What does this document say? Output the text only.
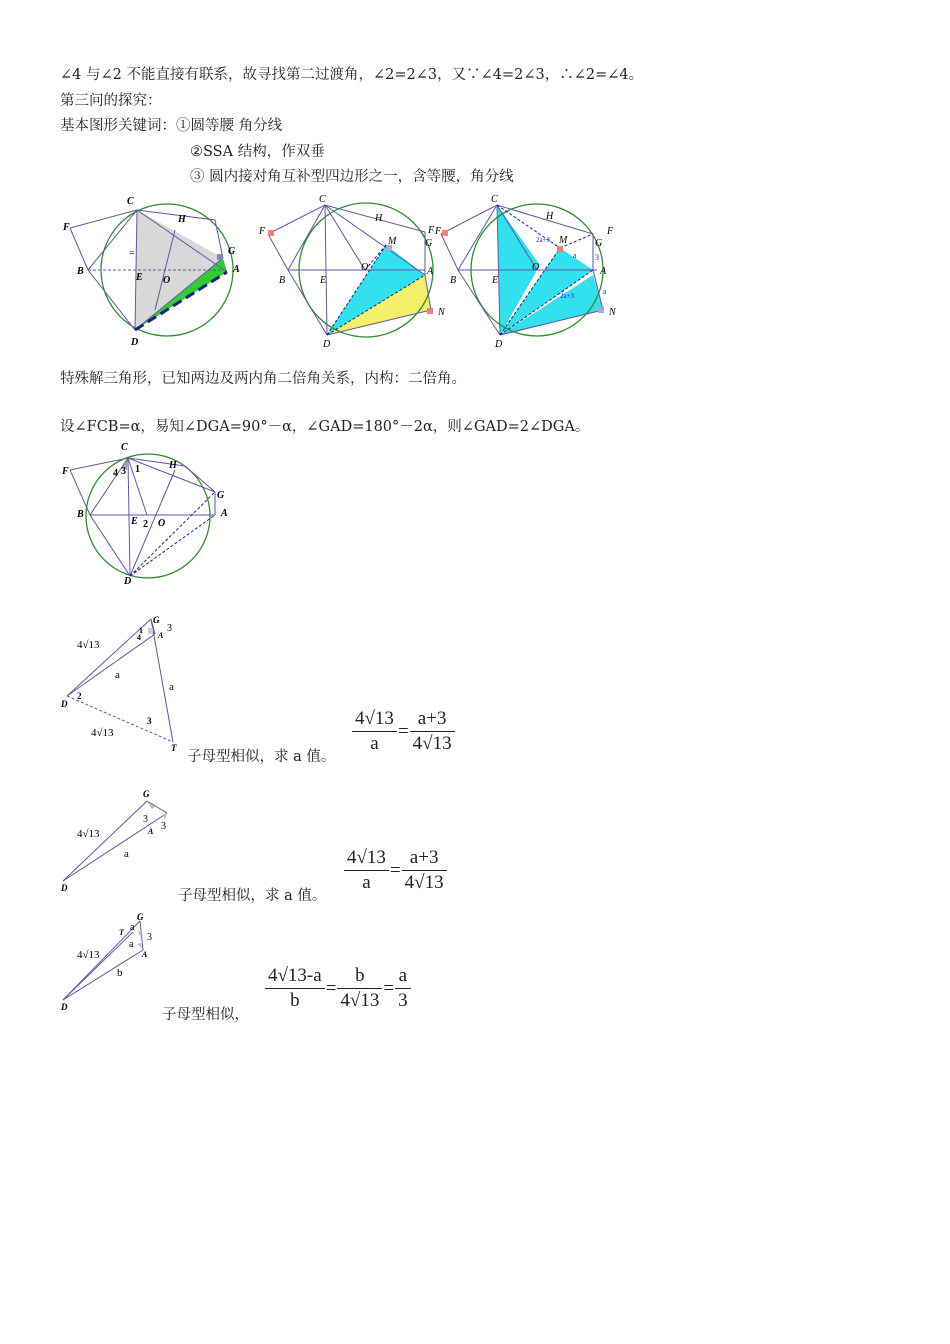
∠4 与∠2 不能直接有联系，故寻找第二过渡角，∠2=2∠3，又∵∠4=2∠3，∴∠2=∠4。
第三问的探究：
基本图形关键词：①圆等腰 角分线
②SSA 结构，作双垂
③ 圆内接对角互补型四边形之一，含等腰，角分线
C
F
H
G
A
B
E O
D
=
C
F
H
M	G
F
A
B	E
O
D
N
C
F
H
M	G
F
A
B	E
O
D
N
2a+3
2a+3
a 3
a
特殊解三角形，已知两边及两内角二倍角关系，内构：二倍角。
设∠FCB=α，易知∠DGA=90°－α，∠GAD=180°－2α，则∠GAD=2∠DGA。
C
F
H
G
A
B
E O
D
4 3 1
2
G
3
A
1
4
4√13
a
a
2
D
3
4√13
T
子母型相似，求 a 值。
$\frac{4√13}{a} = \frac{a+3}{4√13}$
G
3
3
A
4√13
a
D	子母型相似，求 a 值。
$\frac{4√13}{a} = \frac{a+3}{4√13}$
G
T a
3
a
A
4√13
b
D	子母型相似，
$\frac{4√13-a}{b} = \frac{b}{4√13} = \frac{a}{3}$
